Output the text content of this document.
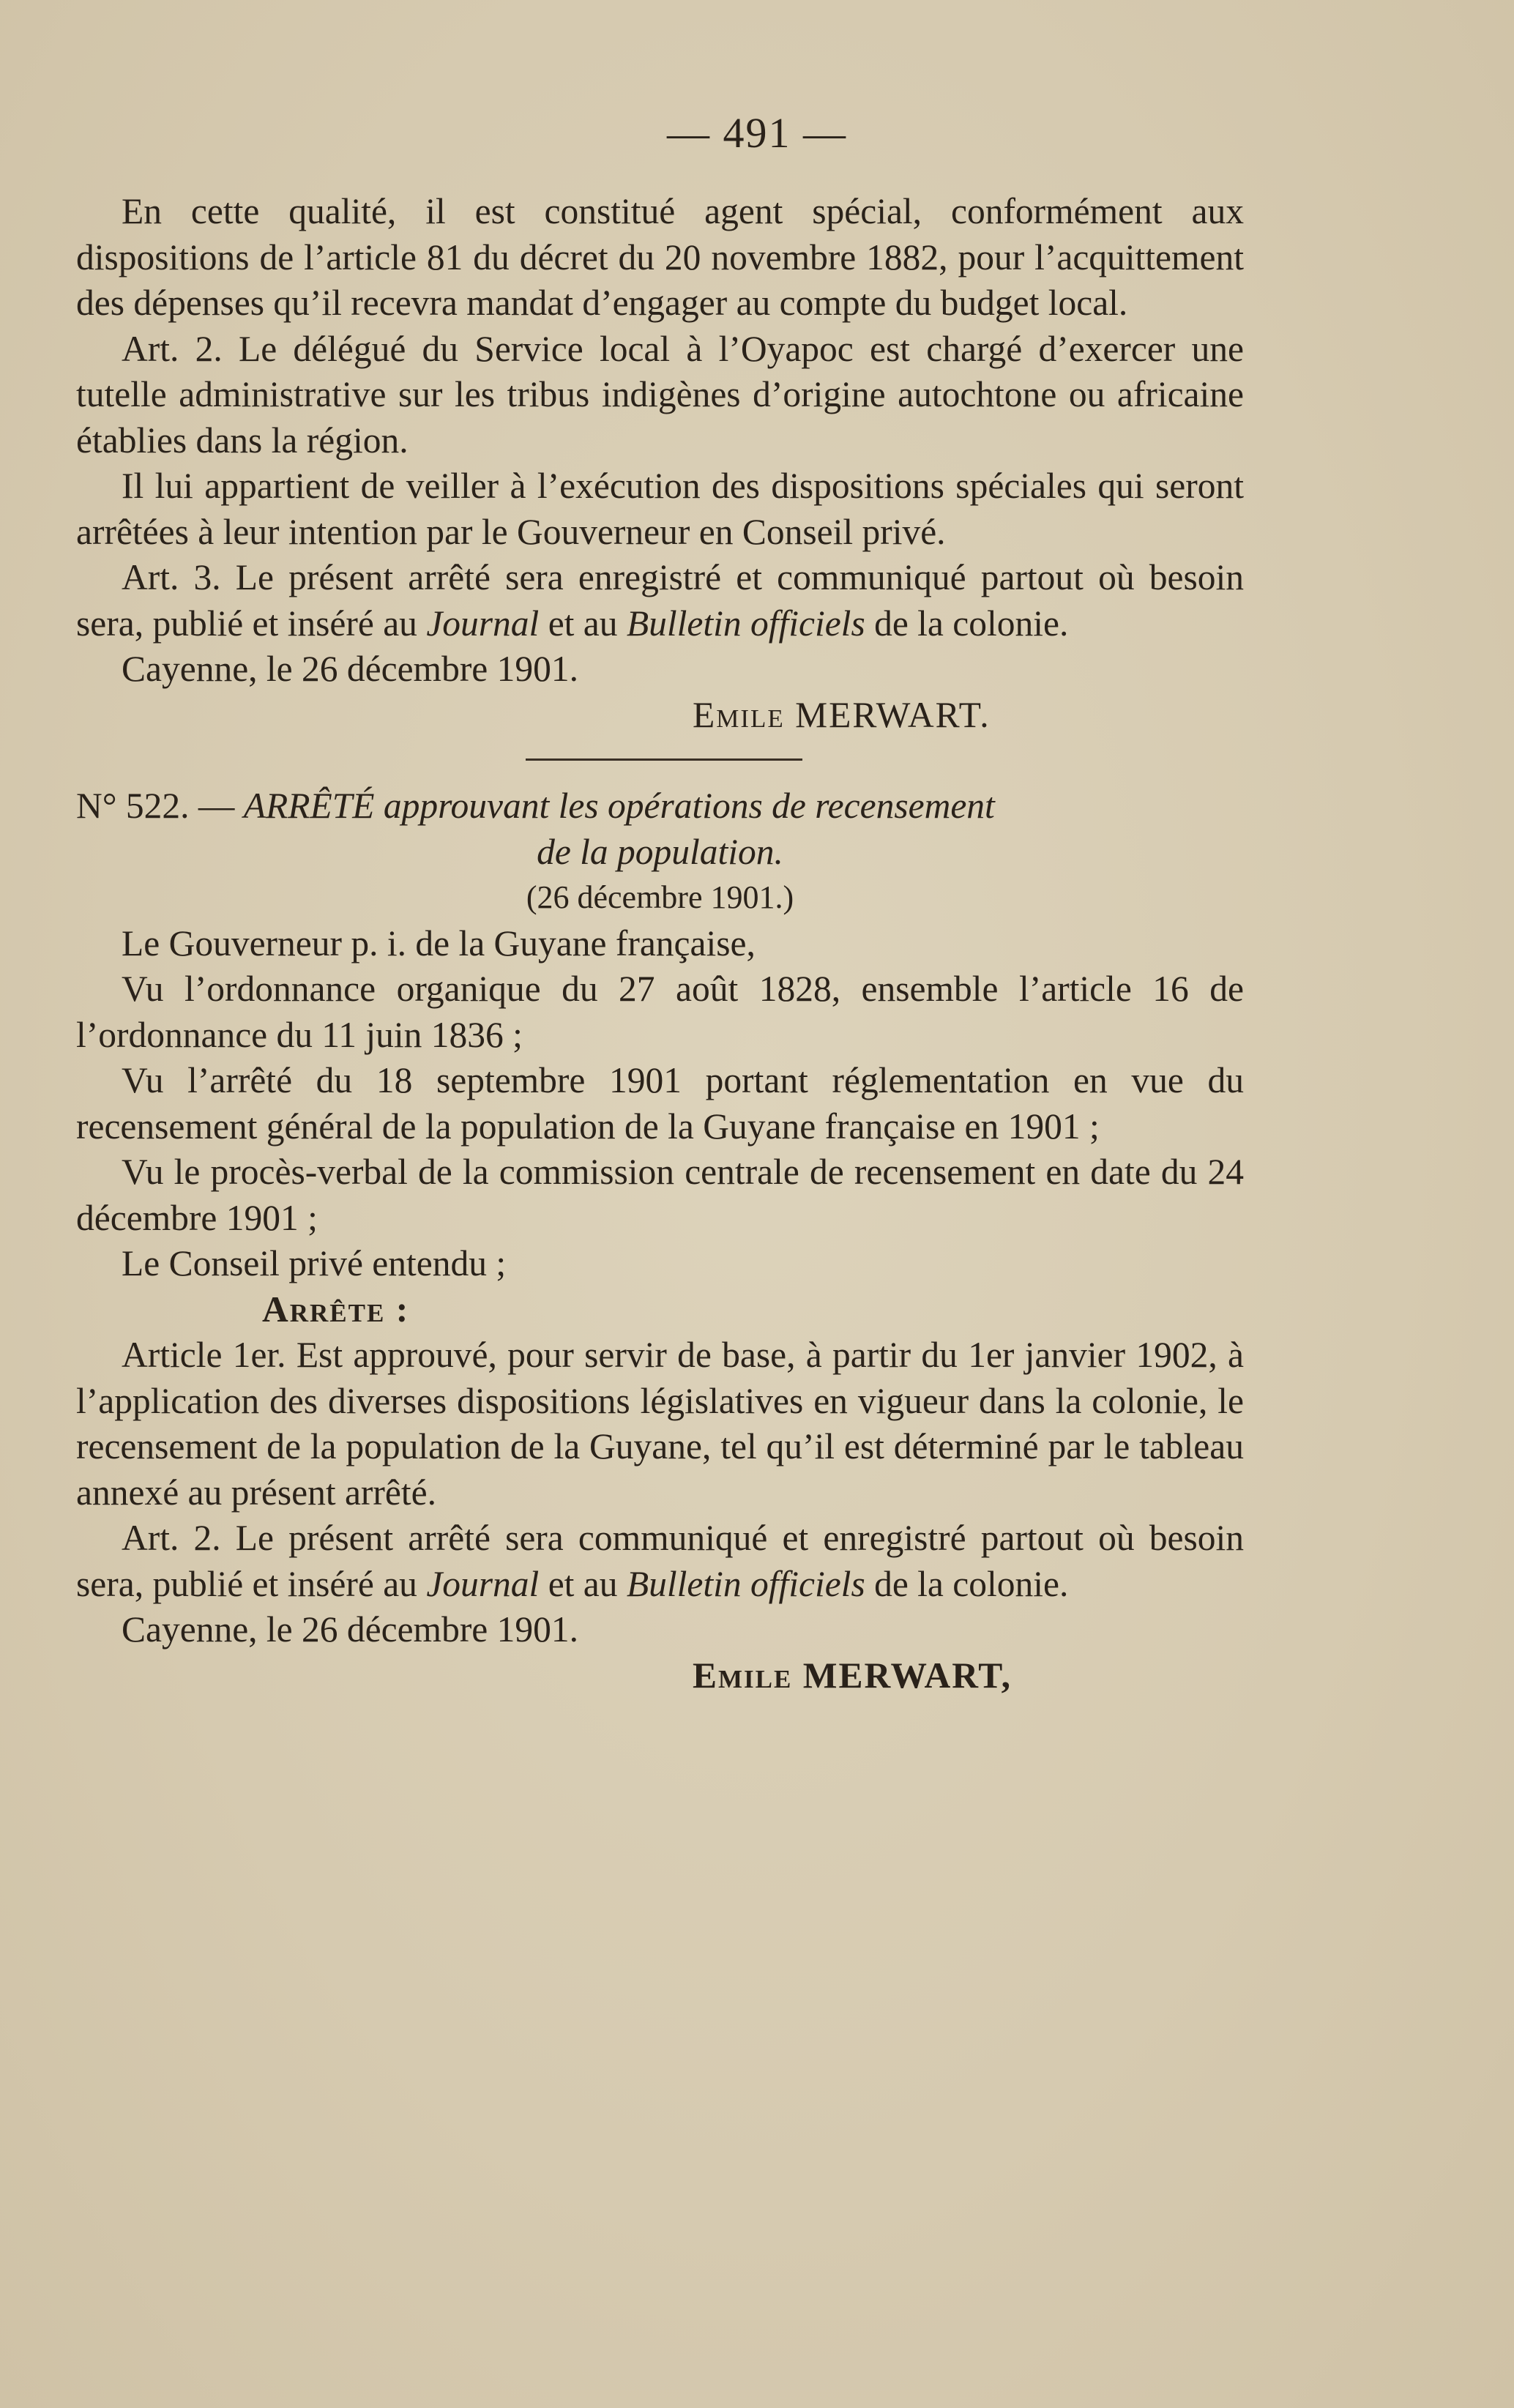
— 491 —

En cette qualité, il est constitué agent spécial, conformément aux dispositions de l’article 81 du décret du 20 novembre 1882, pour l’acquittement des dépenses qu’il recevra mandat d’engager au compte du budget local.

Art. 2. Le délégué du Service local à l’Oyapoc est chargé d’exercer une tutelle administrative sur les tribus indigènes d’origine autochtone ou africaine établies dans la région.

Il lui appartient de veiller à l’exécution des dispositions spéciales qui seront arrêtées à leur intention par le Gouverneur en Conseil privé.

Art. 3. Le présent arrêté sera enregistré et communiqué partout où besoin sera, publié et inséré au Journal et au Bulletin officiels de la colonie.

Cayenne, le 26 décembre 1901.

Emile MERWART.

N° 522. — ARRÊTÉ approuvant les opérations de recensement

de la population.

(26 décembre 1901.)

Le Gouverneur p. i. de la Guyane française,

Vu l’ordonnance organique du 27 août 1828, ensemble l’article 16 de l’ordonnance du 11 juin 1836 ;

Vu l’arrêté du 18 septembre 1901 portant réglementation en vue du recensement général de la population de la Guyane française en 1901 ;

Vu le procès-verbal de la commission centrale de recensement en date du 24 décembre 1901 ;

Le Conseil privé entendu ;

Arrête :

Article 1er. Est approuvé, pour servir de base, à partir du 1er janvier 1902, à l’application des diverses dispositions législatives en vigueur dans la colonie, le recensement de la population de la Guyane, tel qu’il est déterminé par le tableau annexé au présent arrêté.

Art. 2. Le présent arrêté sera communiqué et enregistré partout où besoin sera, publié et inséré au Journal et au Bulletin officiels de la colonie.

Cayenne, le 26 décembre 1901.

Emile MERWART,
